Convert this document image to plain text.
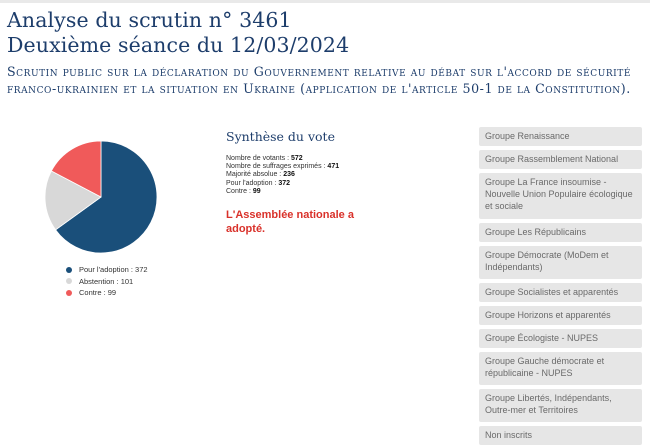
Analyse du scrutin n° 3461
Deuxième séance du 12/03/2024

Scrutin public sur la déclaration du Gouvernement relative au débat sur l'accord de sécurité franco-ukrainien et la situation en Ukraine (application de l'article 50-1 de la Constitution).

Pour l'adoption : 372
Abstention : 101
Contre : 99
Synthèse du vote
Nombre de votants : 572
Nombre de suffrages exprimés : 471
Majorité absolue : 236
Pour l'adoption : 372
Contre : 99

L'Assemblée nationale a adopté.

Groupe Renaissance
Groupe Rassemblement National
Groupe La France insoumise - Nouvelle Union Populaire écologique et sociale
Groupe Les Républicains
Groupe Démocrate (MoDem et Indépendants)
Groupe Socialistes et apparentés
Groupe Horizons et apparentés
Groupe Écologiste - NUPES
Groupe Gauche démocrate et républicaine - NUPES
Groupe Libertés, Indépendants, Outre-mer et Territoires
Non inscrits
